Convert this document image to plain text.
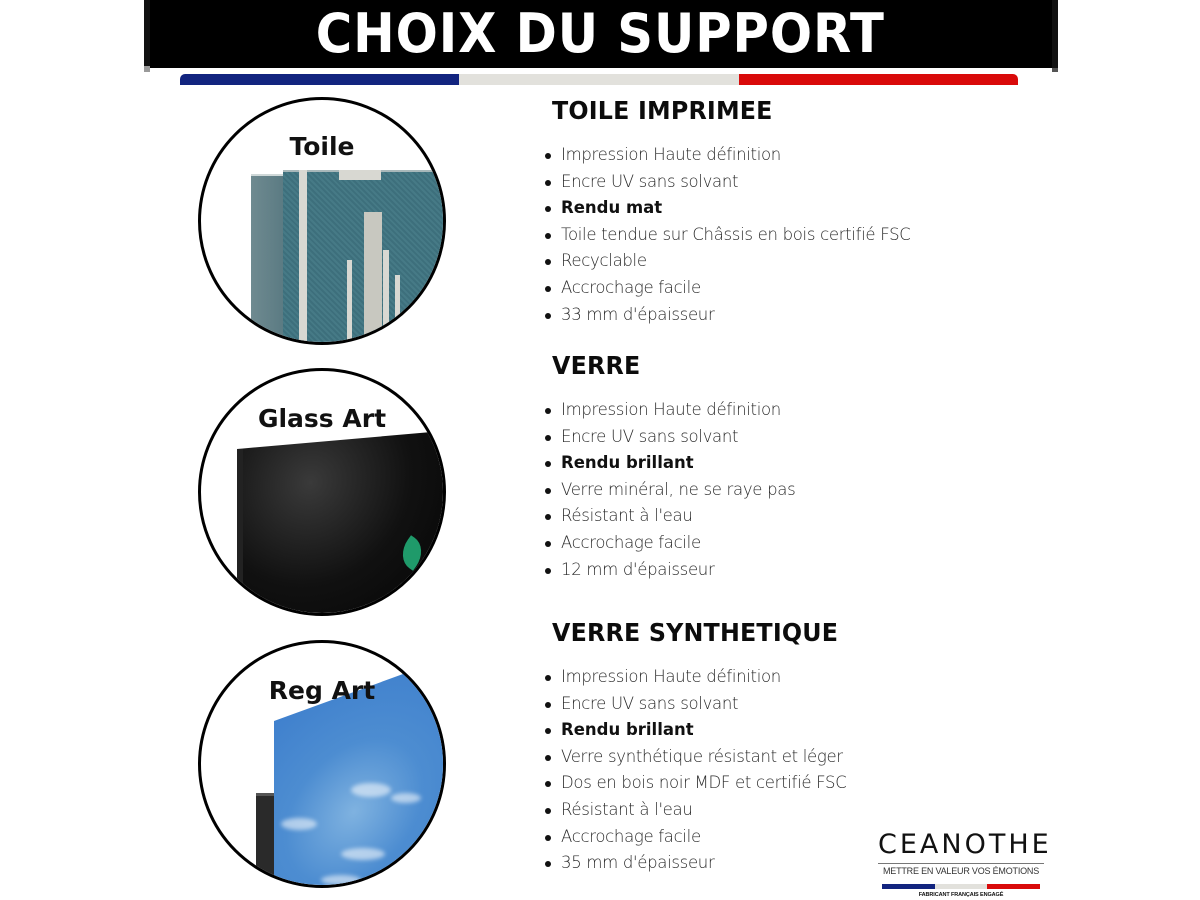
CHOIX DU SUPPORT
Toile
Glass Art
Reg Art
TOILE IMPRIMEE
Impression Haute définition
Encre UV sans solvant
Rendu mat
Toile tendue sur Châssis en bois certifié FSC
Recyclable
Accrochage facile
33 mm d'épaisseur
VERRE
Impression Haute définition
Encre UV sans solvant
Rendu brillant
Verre minéral, ne se raye pas
Résistant à l'eau
Accrochage facile
12 mm d'épaisseur
VERRE SYNTHETIQUE
Impression Haute définition
Encre UV sans solvant
Rendu brillant
Verre synthétique résistant et léger
Dos en bois noir MDF et certifié FSC
Résistant à l'eau
Accrochage facile
35 mm d'épaisseur
CEANOTHE
METTRE EN VALEUR VOS ÉMOTIONS
FABRICANT FRANÇAIS ENGAGÉ
